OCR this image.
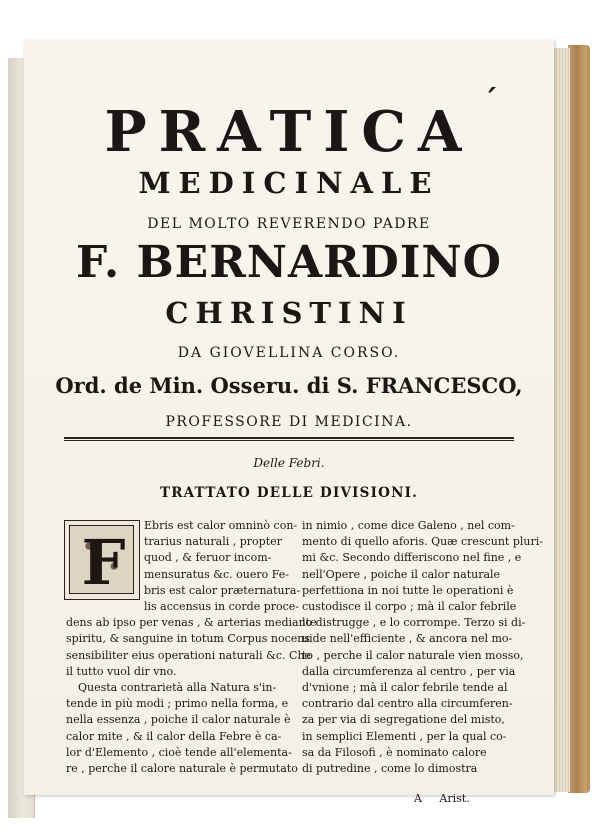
ˊ
PRATICA
MEDICINALE
DEL MOLTO REVERENDO PADRE
F. BERNARDINO
CHRISTINI
DA GIOVELLINA CORSO.
Ord. de Min. Osseru. di S. FRANCESCO,
PROFESSORE DI MEDICINA.
Delle Febri.
TRATTATO DELLE DIVISIONI.
F

Ebris est calor omninò con-

trarius naturali , propter

quod , & feruor incom-

mensuratus &c. ouero Fe-

bris est calor præternatura-

lis accensus in corde proce-

dens ab ipso per venas , & arterias mediante

spiritu, & sanguine in totum Corpus nocens

sensibiliter eius operationi naturali &c. Che

il tutto vuol dir vno.

Questa contrarietà alla Natura s'in-

tende in più modi ; primo nella forma, e

nella essenza , poiche il calor naturale è

calor mite , & il calor della Febre è ca-

lor d'Elemento , cioè tende all'elementa-

re , perche il calore naturale è permutato

in nimio , come dice Galeno , nel com-

mento di quello aforis. Quæ crescunt pluri-

mi &c. Secondo differiscono nel fine , e

nell'Opere , poiche il calor naturale

perfettiona in noi tutte le operationi è

custodisce il corpo ; mà il calor febrile

lo distrugge , e lo corrompe. Terzo si di-

uide nell'efficiente , & ancora nel mo-

to , perche il calor naturale vien mosso,

dalla circumferenza al centro , per via

d'vnione ; mà il calor febrile tende al

contrario dal centro alla circumferen-

za per via di segregatione del misto,

in semplici Elementi , per la qual co-

sa da Filosofi , è nominato calore

di putredine , come lo dimostra

A     Arist.
